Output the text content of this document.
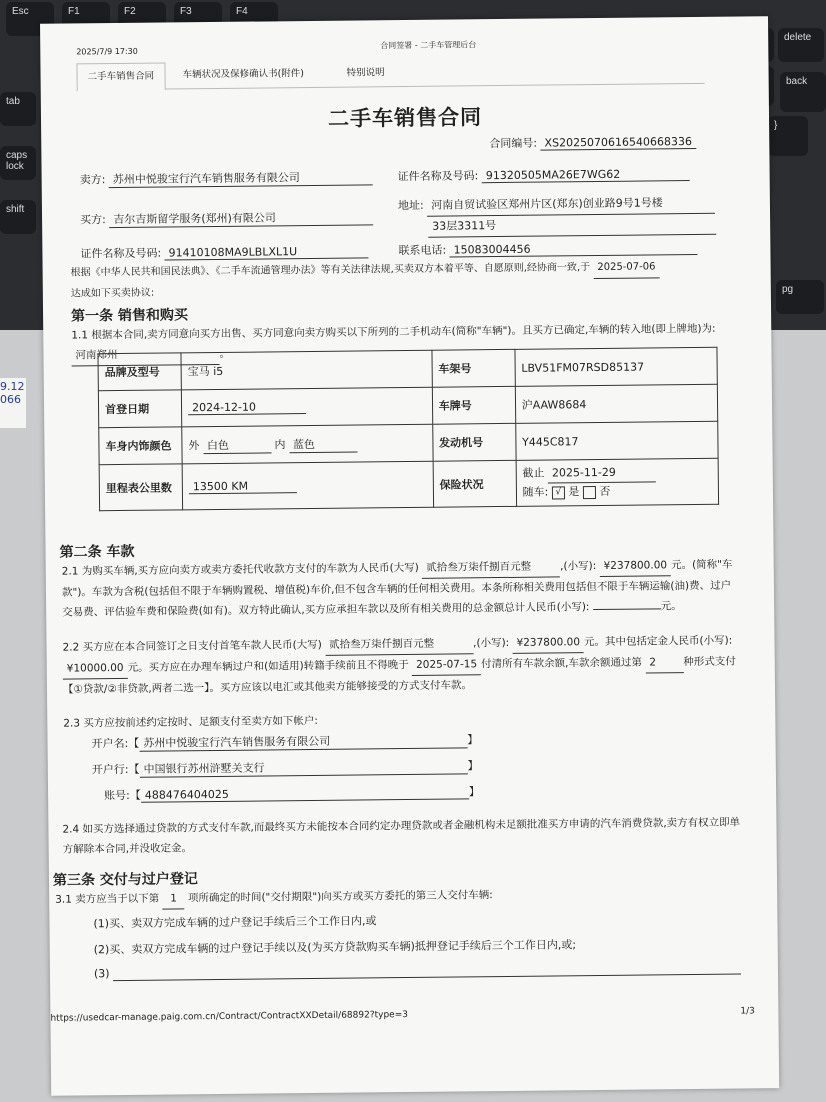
Esc	F1	F2	F3	F4
delete
tab
caps lock
shift
back
}
pg
9.12
066
2025/7/9 17:30
合同签署 - 二手车管理后台
二手车销售合同	车辆状况及保修确认书(附件)	特别说明
二手车销售合同
合同编号: XS2025070616540668336
卖方: 苏州中悦骏宝行汽车销售服务有限公司	证件名称及号码: 91320505MA26E7WG62
买方: 吉尔吉斯留学服务(郑州)有限公司
地址: 河南自贸试验区郑州片区(郑东)创业路9号1号楼
33层3311号
证件名称及号码: 91410108MA9LBLXL1U	联系电话: 15083004456
根据《中华人民共和国民法典》、《二手车流通管理办法》等有关法律法规,买卖双方本着平等、自愿原则,经协商一致,于 2025-07-06
达成如下买卖协议:
第一条 销售和购买
1.1 根据本合同,卖方同意向买方出售、买方同意向卖方购买以下所列的二手机动车(简称"车辆")。且买方已确定,车辆的转入地(即上牌地)为: 河南郑州	。
品牌及型号	宝马 i5	车架号	LBV51FM07RSD85137
首登日期	2024-12-10	车牌号	沪AAW8684
车身内饰颜色	外 白色 内 蓝色	发动机号	Y445C817
里程表公里数	13500 KM	保险状况	截止 2025-11-29
随车: √ 是 否
第二条 车款
2.1 为购买车辆,买方应向卖方或卖方委托代收款方支付的车款为人民币(大写) 贰拾叁万柒仟捌百元整	,(小写): ¥237800.00 元。(简称"车款")。车款为含税(包括但不限于车辆购置税、增值税)车价,但不包含车辆的任何相关费用。本条所称相关费用包括但不限于车辆运输(油)费、过户交易费、评估验车费和保险费(如有)。双方特此确认,买方应承担车款以及所有相关费用的总金额总计人民币(小写):	元。
2.2 买方应在本合同签订之日支付首笔车款人民币(大写) 贰拾叁万柒仟捌百元整	,(小写): ¥237800.00 元。其中包括定金人民币(小写): ¥10000.00 元。买方应在办理车辆过户和(如适用)转籍手续前且不得晚于 2025-07-15 付清所有车款余额,车款余额通过第 2	种形式支付【①贷款/②非贷款,两者二选一】。买方应该以电汇或其他卖方能够接受的方式支付车款。
2.3 买方应按前述约定按时、足额支付至卖方如下帐户:
开户名:【 苏州中悦骏宝行汽车销售服务有限公司	】
开户行:【 中国银行苏州浒墅关支行	】
账号:【 488476404025	】
2.4 如买方选择通过贷款的方式支付车款,而最终买方未能按本合同约定办理贷款或者金融机构未足额批准买方申请的汽车消费贷款,卖方有权立即单方解除本合同,并没收定金。
第三条 交付与过户登记
3.1 卖方应当于以下第 1 项所确定的时间("交付期限")向买方或买方委托的第三人交付车辆:
(1)买、卖双方完成车辆的过户登记手续后三个工作日内,或
(2)买、卖双方完成车辆的过户登记手续以及(为买方贷款购买车辆)抵押登记手续后三个工作日内,或;
(3)
https://usedcar-manage.paig.com.cn/Contract/ContractXXDetail/68892?type=3	1/3
